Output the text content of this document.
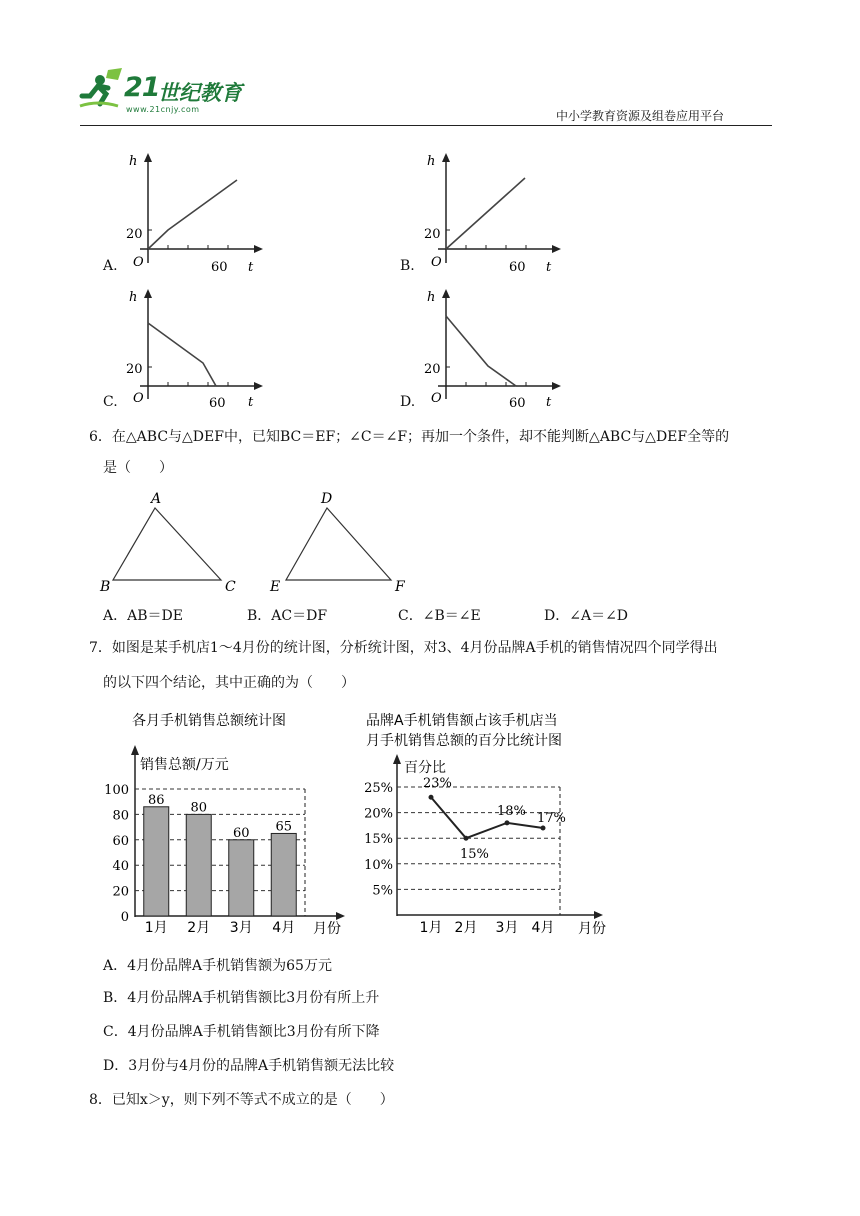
21
世纪教育
www.21cnjy.com	中小学教育资源及组卷应用平台
A.
h
t
O
20
60	B.
h
t
O
20
60
C.
h
t
O
20
60	D.
h
t
O
20
60
6．在△ABC与△DEF中，已知BC＝EF；∠C＝∠F；再加一个条件，却不能判断△ABC与△DEF全等的
是（　　）
A
B	C
D
E	F
A．AB＝DE	B．AC＝DF	C．∠B＝∠E	D．∠A＝∠D
7．如图是某手机店1～4月份的统计图，分析统计图，对3、4月份品牌A手机的销售情况四个同学得出
的以下四个结论，其中正确的为（　　）
各月手机销售总额统计图
销售总额/万元
月份
0
20
40
60
80
100
86
80
60 65
1月 2月 3月 4月
品牌A手机销售额占该手机店当
月手机销售总额的百分比统计图
百分比
月份
5%
10%
15%
20%
25% 23%
15%
18% 17%
1月 2月 3月 4月
A．4月份品牌A手机销售额为65万元
B．4月份品牌A手机销售额比3月份有所上升
C．4月份品牌A手机销售额比3月份有所下降
D．3月份与4月份的品牌A手机销售额无法比较
8．已知x＞y，则下列不等式不成立的是（　　）
